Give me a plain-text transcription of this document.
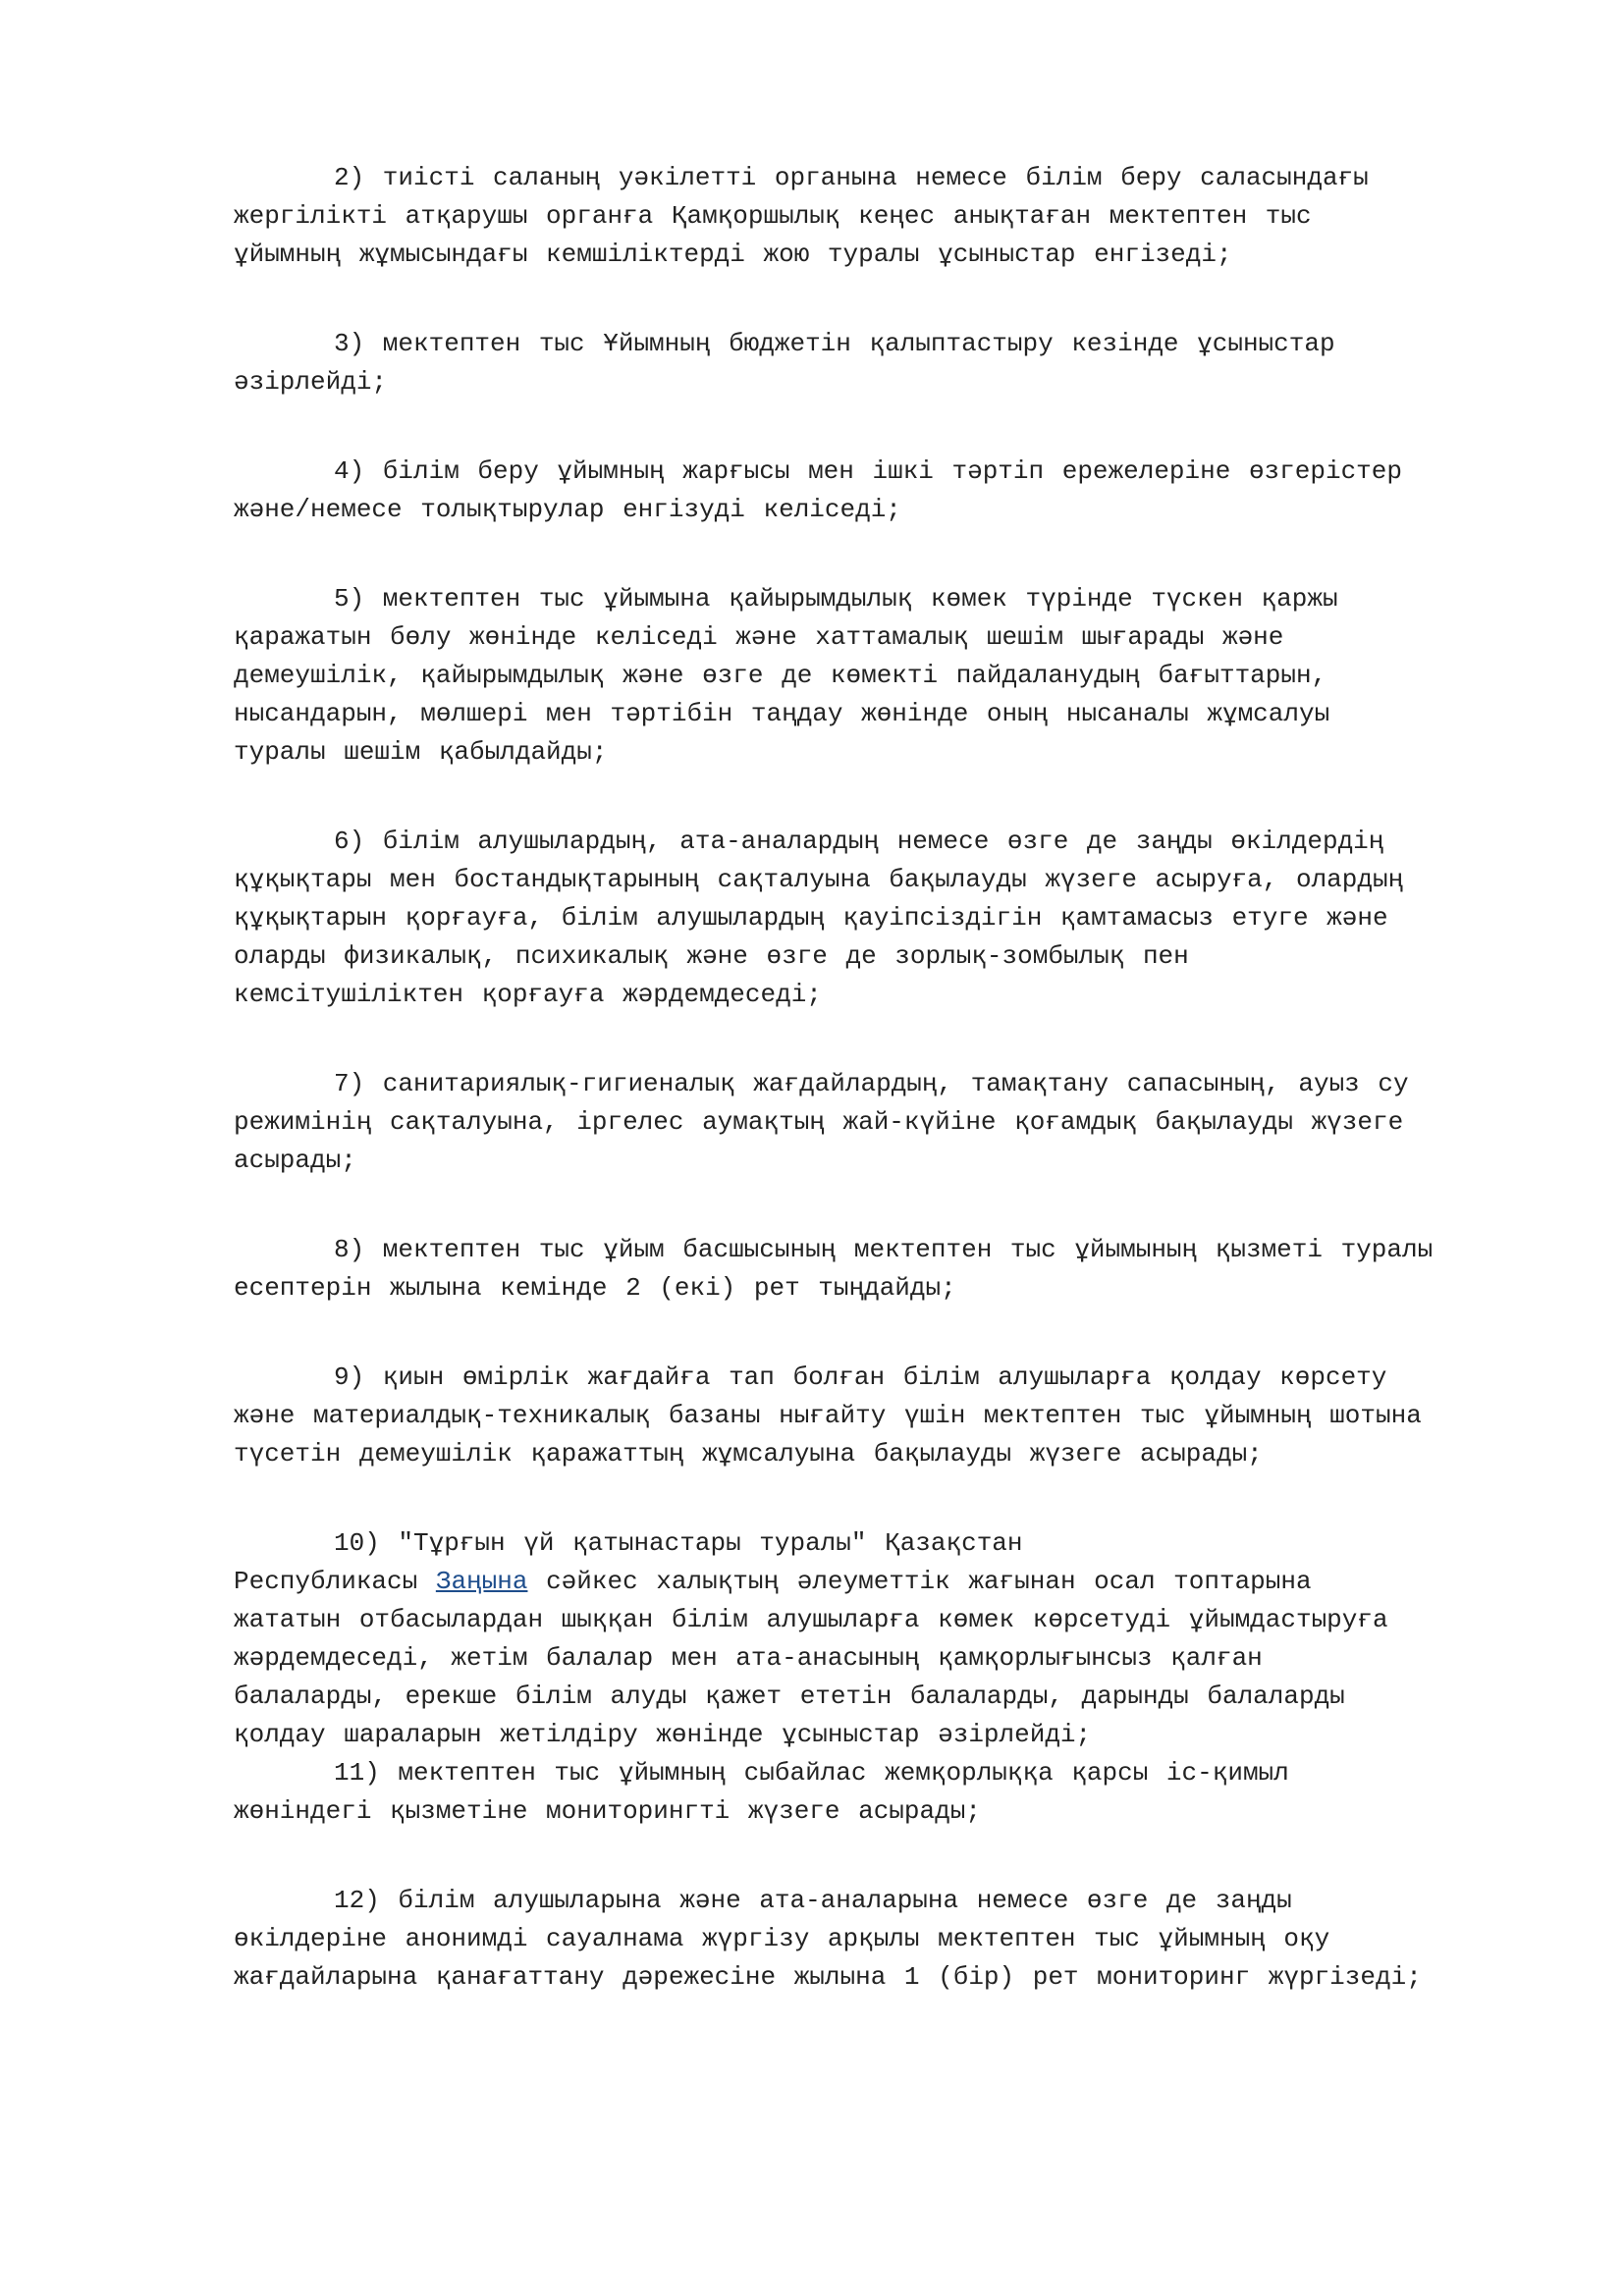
2) тиісті саланың уәкілетті органына немесе білім беру саласындағы
жергілікті атқарушы органға Қамқоршылық кеңес анықтаған мектептен тыс
ұйымның жұмысындағы кемшіліктерді жою туралы ұсыныстар енгізеді;
3) мектептен тыс Ұйымның бюджетін қалыптастыру кезінде ұсыныстар
әзірлейді;
4) білім беру ұйымның жарғысы мен ішкі тәртіп ережелеріне өзгерістер
және/немесе толықтырулар енгізуді келіседі;
5) мектептен тыс ұйымына қайырымдылық көмек түрінде түскен қаржы
қаражатын бөлу жөнінде келіседі және хаттамалық шешім шығарады және
демеушілік, қайырымдылық және өзге де көмекті пайдаланудың бағыттарын,
нысандарын, мөлшері мен тәртібін таңдау жөнінде оның нысаналы жұмсалуы
туралы шешім қабылдайды;
6) білім алушылардың, ата-аналардың немесе өзге де заңды өкілдердің
құқықтары мен бостандықтарының сақталуына бақылауды жүзеге асыруға, олардың
құқықтарын қорғауға, білім алушылардың қауіпсіздігін қамтамасыз етуге және
оларды физикалық, психикалық және өзге де зорлық-зомбылық пен
кемсітушіліктен қорғауға жәрдемдеседі;
7) санитариялық-гигиеналық жағдайлардың, тамақтану сапасының, ауыз су
режимінің сақталуына, іргелес аумақтың жай-күйіне қоғамдық бақылауды жүзеге
асырады;
8) мектептен тыс ұйым басшысының мектептен тыс ұйымының қызметі туралы
есептерін жылына кемінде 2 (екі) рет тыңдайды;
9) қиын өмірлік жағдайға тап болған білім алушыларға қолдау көрсету
және материалдық-техникалық базаны нығайту үшін мектептен тыс ұйымның шотына
түсетін демеушілік қаражаттың жұмсалуына бақылауды жүзеге асырады;
10) "Тұрғын үй қатынастары туралы" Қазақстан
Республикасы Заңына сәйкес халықтың әлеуметтік жағынан осал топтарына
жататын отбасылардан шыққан білім алушыларға көмек көрсетуді ұйымдастыруға
жәрдемдеседі, жетім балалар мен ата-анасының қамқорлығынсыз қалған
балаларды, ерекше білім алуды қажет ететін балаларды, дарынды балаларды
қолдау шараларын жетілдіру жөнінде ұсыныстар әзірлейді;
11) мектептен тыс ұйымның сыбайлас жемқорлыққа қарсы іс-қимыл
жөніндегі қызметіне мониторингті жүзеге асырады;
12) білім алушыларына және ата-аналарына немесе өзге де заңды
өкілдеріне анонимді сауалнама жүргізу арқылы мектептен тыс ұйымның оқу
жағдайларына қанағаттану дәрежесіне жылына 1 (бір) рет мониторинг жүргізеді;
